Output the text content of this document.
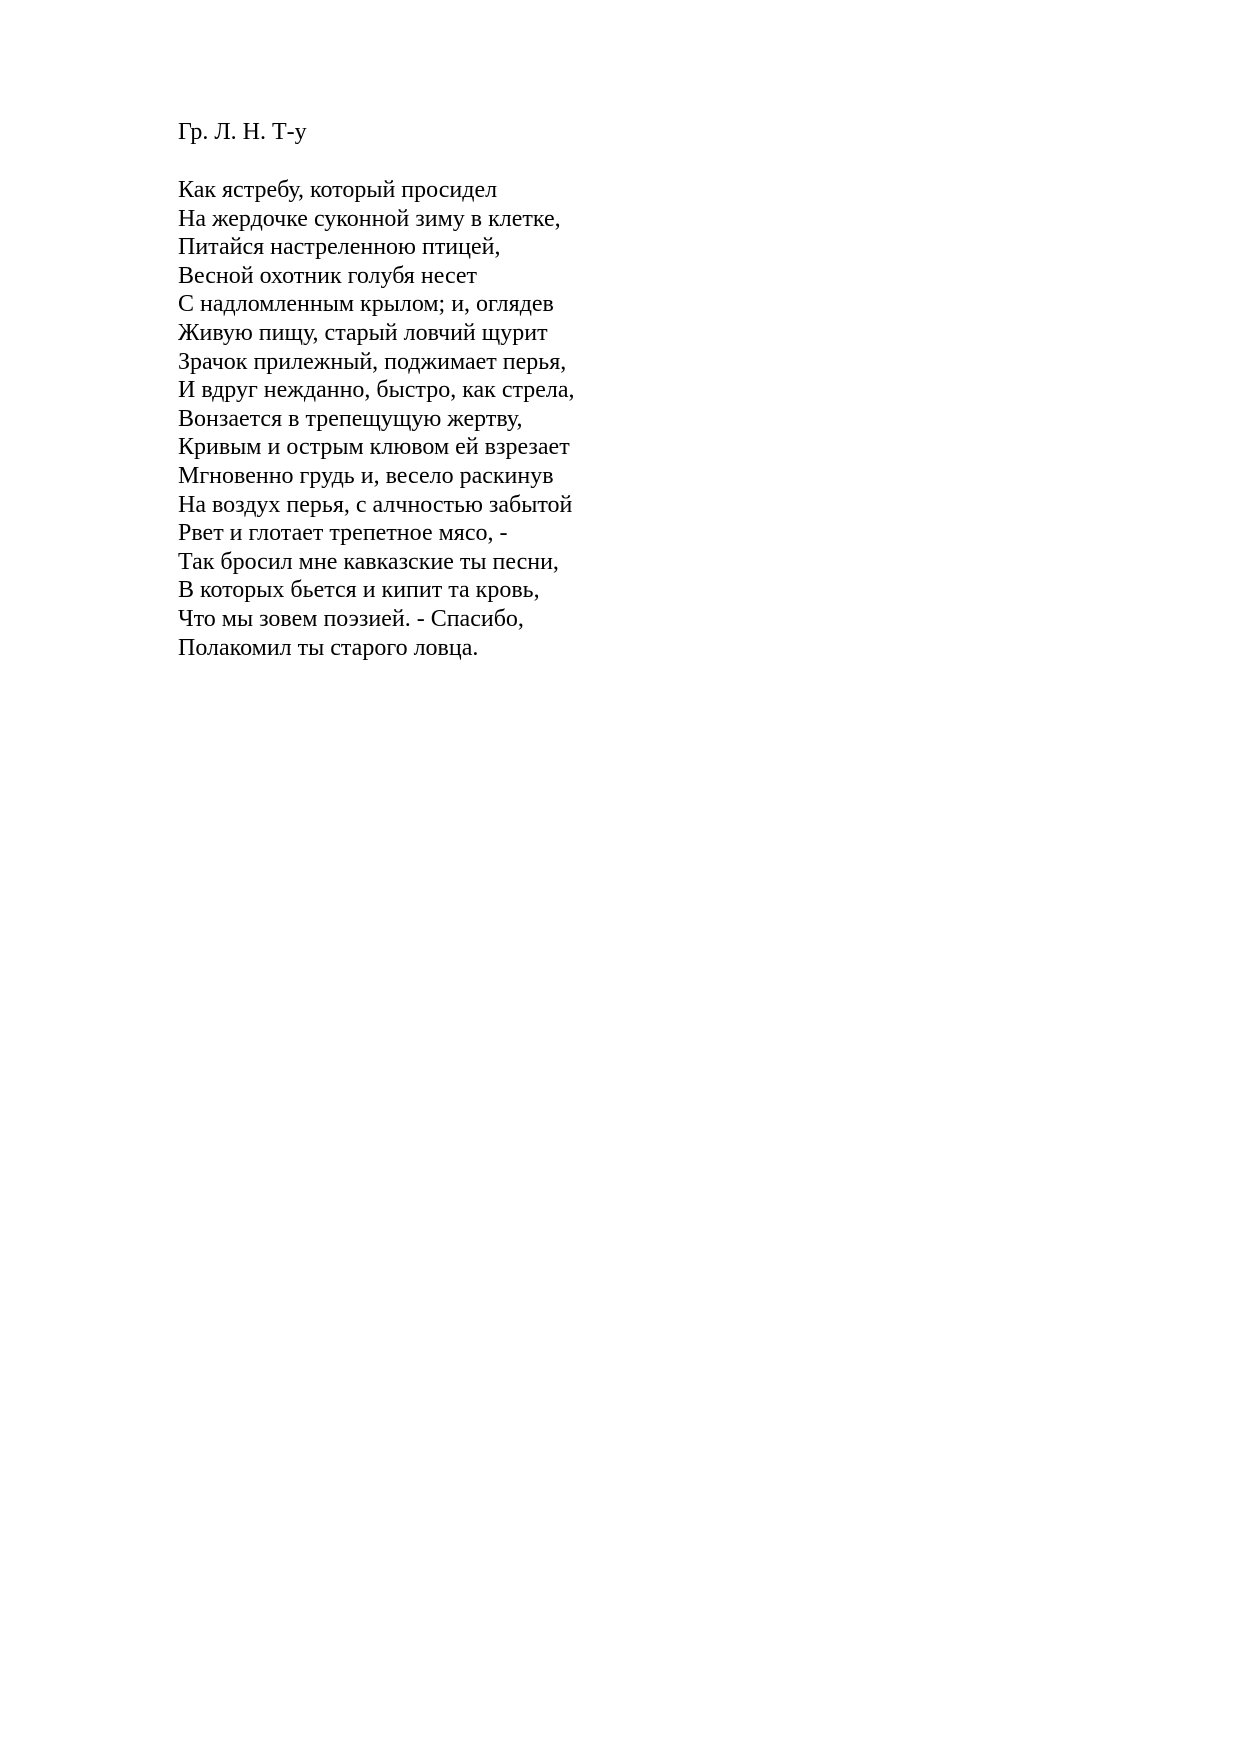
Гр. Л. Н. Т-у

Как ястребу, который просидел
На жердочке суконной зиму в клетке,
Питайся настреленною птицей,
Весной охотник голубя несет
С надломленным крылом; и, оглядев
Живую пищу, старый ловчий щурит
Зрачок прилежный, поджимает перья,
И вдруг нежданно, быстро, как стрела,
Вонзается в трепещущую жертву,
Кривым и острым клювом ей взрезает
Мгновенно грудь и, весело раскинув
На воздух перья, с алчностью забытой
Рвет и глотает трепетное мясо, -
Так бросил мне кавказские ты песни,
В которых бьется и кипит та кровь,
Что мы зовем поэзией. - Спасибо,
Полакомил ты старого ловца.
